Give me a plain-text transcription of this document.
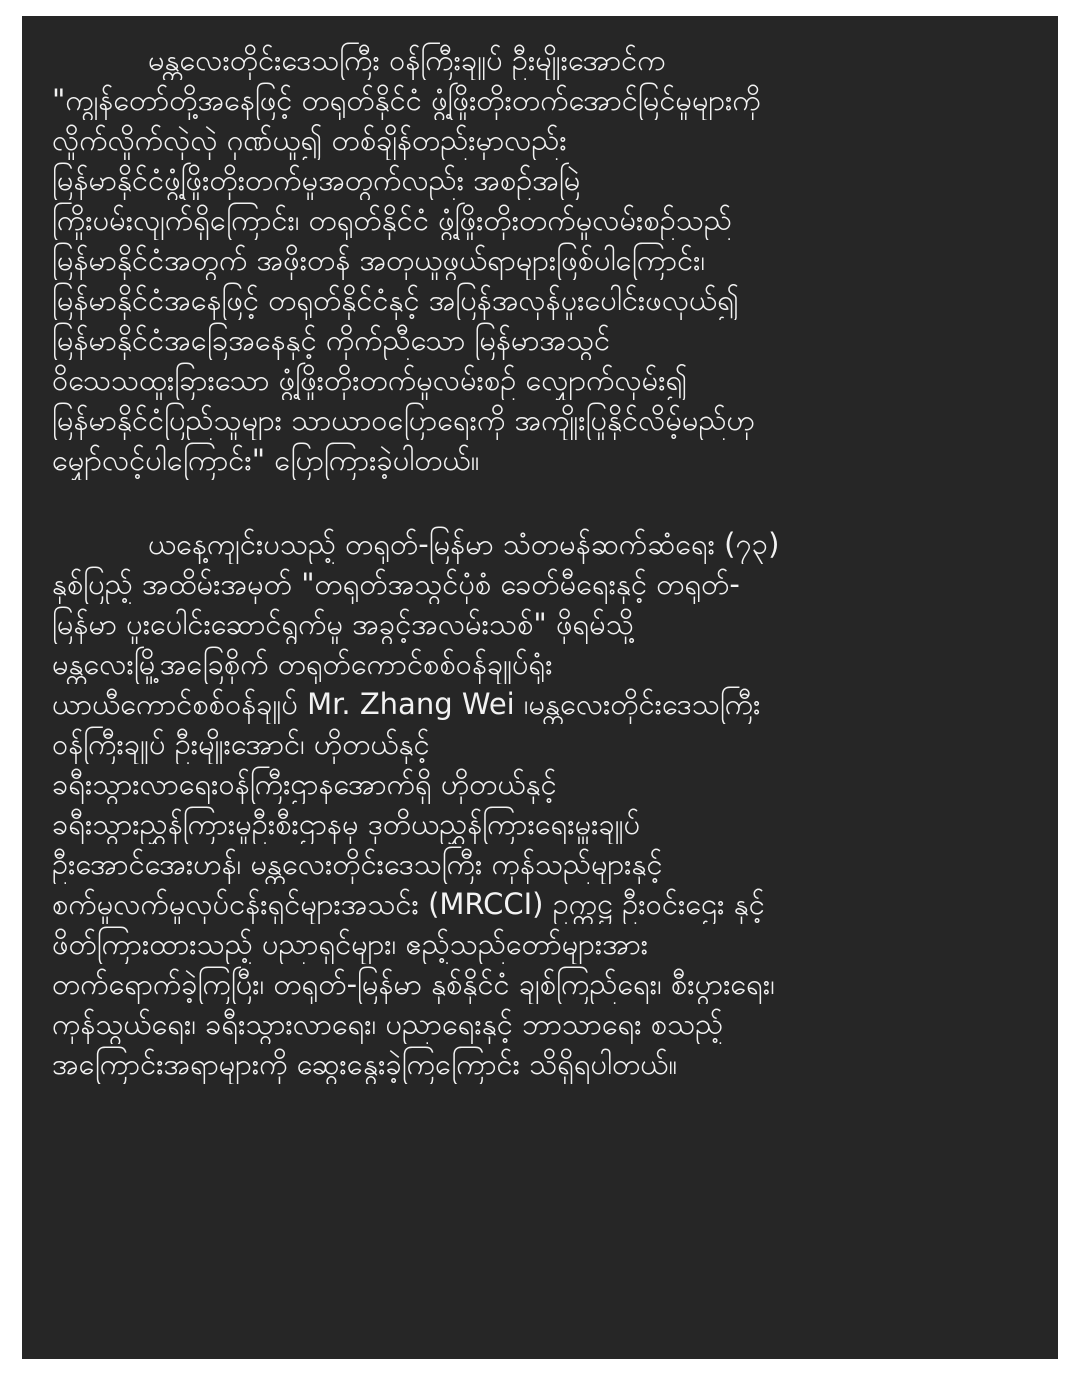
မန္တလေးတိုင်းဒေသကြီး ဝန်ကြီးချုပ် ဦးမျိုးအောင်က
"ကျွန်တော်တို့အနေဖြင့် တရုတ်နိုင်ငံ ဖွံ့ဖြိုးတိုးတက်အောင်မြင်မှုများကို
လှိုက်လှိုက်လှဲလှဲ ဂုဏ်ယူ၍ တစ်ချိန်တည်းမှာလည်း
မြန်မာနိုင်ငံဖွံ့ဖြိုးတိုးတက်မှုအတွက်လည်း အစဉ်အမြဲ
ကြိုးပမ်းလျက်ရှိကြောင်း၊ တရုတ်နိုင်ငံ ဖွံ့ဖြိုးတိုးတက်မှုလမ်းစဉ်သည်
မြန်မာနိုင်ငံအတွက် အဖိုးတန် အတုယူဖွယ်ရာများဖြစ်ပါကြောင်း၊
မြန်မာနိုင်ငံအနေဖြင့် တရုတ်နိုင်ငံနှင့် အပြန်အလှန်ပူးပေါင်းဖလှယ်၍
မြန်မာနိုင်ငံအခြေအနေနှင့် ကိုက်ညီသော မြန်မာအသွင်
ဝိသေသထူးခြားသော ဖွံ့ဖြိုးတိုးတက်မှုလမ်းစဉ် လျှောက်လှမ်း၍
မြန်မာနိုင်ငံပြည်သူများ သာယာဝပြောရေးကို အကျိုးပြုနိုင်လိမ့်မည်ဟု
မျှော်လင့်ပါကြောင်း" ပြောကြားခဲ့ပါတယ်။
ယနေ့ကျင်းပသည့် တရုတ်-မြန်မာ သံတမန်ဆက်ဆံရေး (၇၃)
နှစ်ပြည့် အထိမ်းအမှတ် "တရုတ်အသွင်ပုံစံ ခေတ်မီရေးနှင့် တရုတ်-
မြန်မာ ပူးပေါင်းဆောင်ရွက်မှု အခွင့်အလမ်းသစ်" ဖိုရမ်သို့
မန္တလေးမြို့အခြေစိုက် တရုတ်ကောင်စစ်ဝန်ချုပ်ရုံး
ယာယီကောင်စစ်ဝန်ချုပ် Mr. Zhang Wei ၊မန္တလေးတိုင်းဒေသကြီး
ဝန်ကြီးချုပ် ဦးမျိုးအောင်၊ ဟိုတယ်နှင့်
ခရီးသွားလာရေးဝန်ကြီးဌာနအောက်ရှိ ဟိုတယ်နှင့်
ခရီးသွားညွှန်ကြားမှုဦးစီးဌာနမှ ဒုတိယညွှန်ကြားရေးမှူးချုပ်
ဦးအောင်အေးဟန်၊ မန္တလေးတိုင်းဒေသကြီး ကုန်သည်များနှင့်
စက်မှုလက်မှုလုပ်ငန်းရှင်များအသင်း (MRCCI) ဥက္ကဋ္ဌ ဦးဝင်းဌေး နှင့်
ဖိတ်ကြားထားသည့် ပညာရှင်များ၊ ဧည့်သည်တော်များအား
တက်ရောက်ခဲ့ကြပြီး၊ တရုတ်-မြန်မာ နှစ်နိုင်ငံ ချစ်ကြည်ရေး၊ စီးပွားရေး၊
ကုန်သွယ်ရေး၊ ခရီးသွားလာရေး၊ ပညာရေးနှင့် ဘာသာရေး စသည့်
အကြောင်းအရာများကို ဆွေးနွေးခဲ့ကြကြောင်း သိရှိရပါတယ်။
